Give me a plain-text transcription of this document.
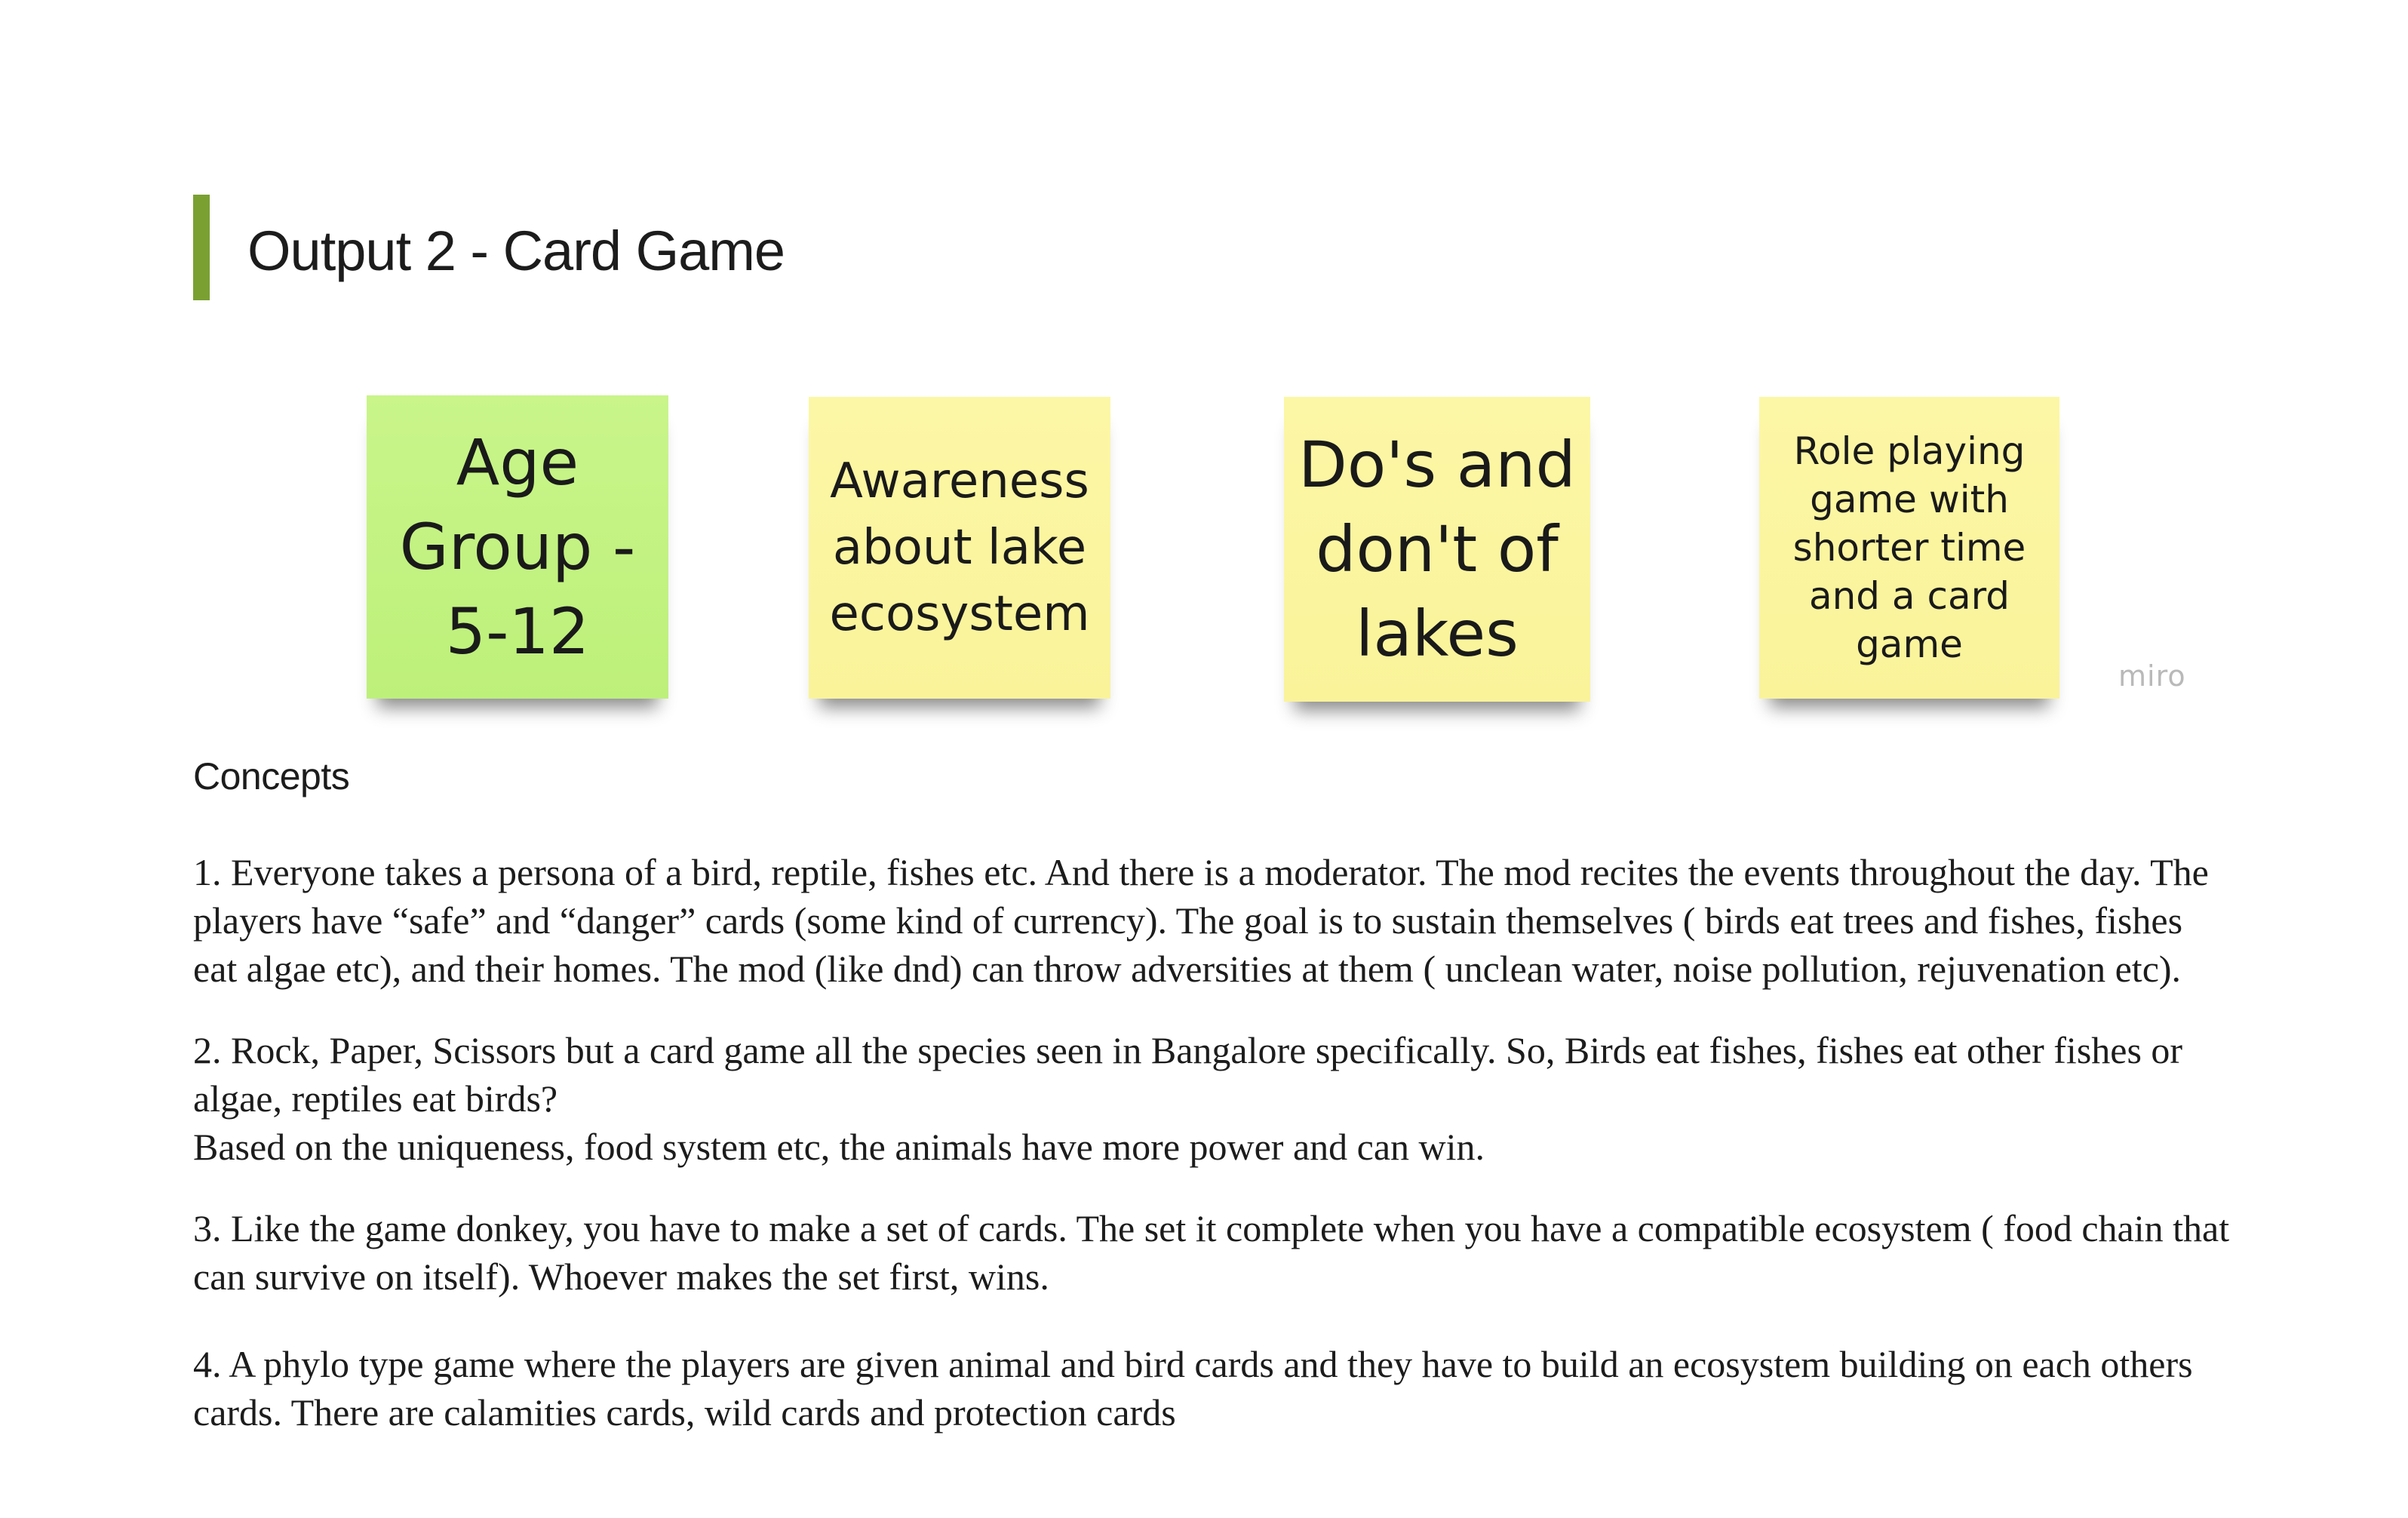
Output 2 - Card Game
Age
Group -
5-12
Awareness
about lake
ecosystem
Do's and
don't of
lakes
Role playing
game with
shorter time
and a card
game
miro
Concepts

1. Everyone takes a persona of a bird, reptile, fishes etc. And there is a moderator. The mod recites the events throughout the day. The players have “safe” and “danger” cards (some kind of currency). The goal is to sustain themselves ( birds eat trees and fishes, fishes eat algae etc), and their homes. The mod (like dnd) can throw adversities at them ( unclean water, noise pollution, rejuvenation etc).

2. Rock, Paper, Scissors but a card game all the species seen in Bangalore specifically. So, Birds eat fishes, fishes eat other fishes or algae, reptiles eat birds?
Based on the uniqueness, food system etc, the animals have more power and can win.

3. Like the game donkey, you have to make a set of cards. The set it complete when you have a compatible ecosystem ( food chain that can survive on itself). Whoever makes the set first, wins.

4. A phylo type game where the players are given animal and bird cards and they have to build an ecosystem building on each others cards. There are calamities cards, wild cards and protection cards
